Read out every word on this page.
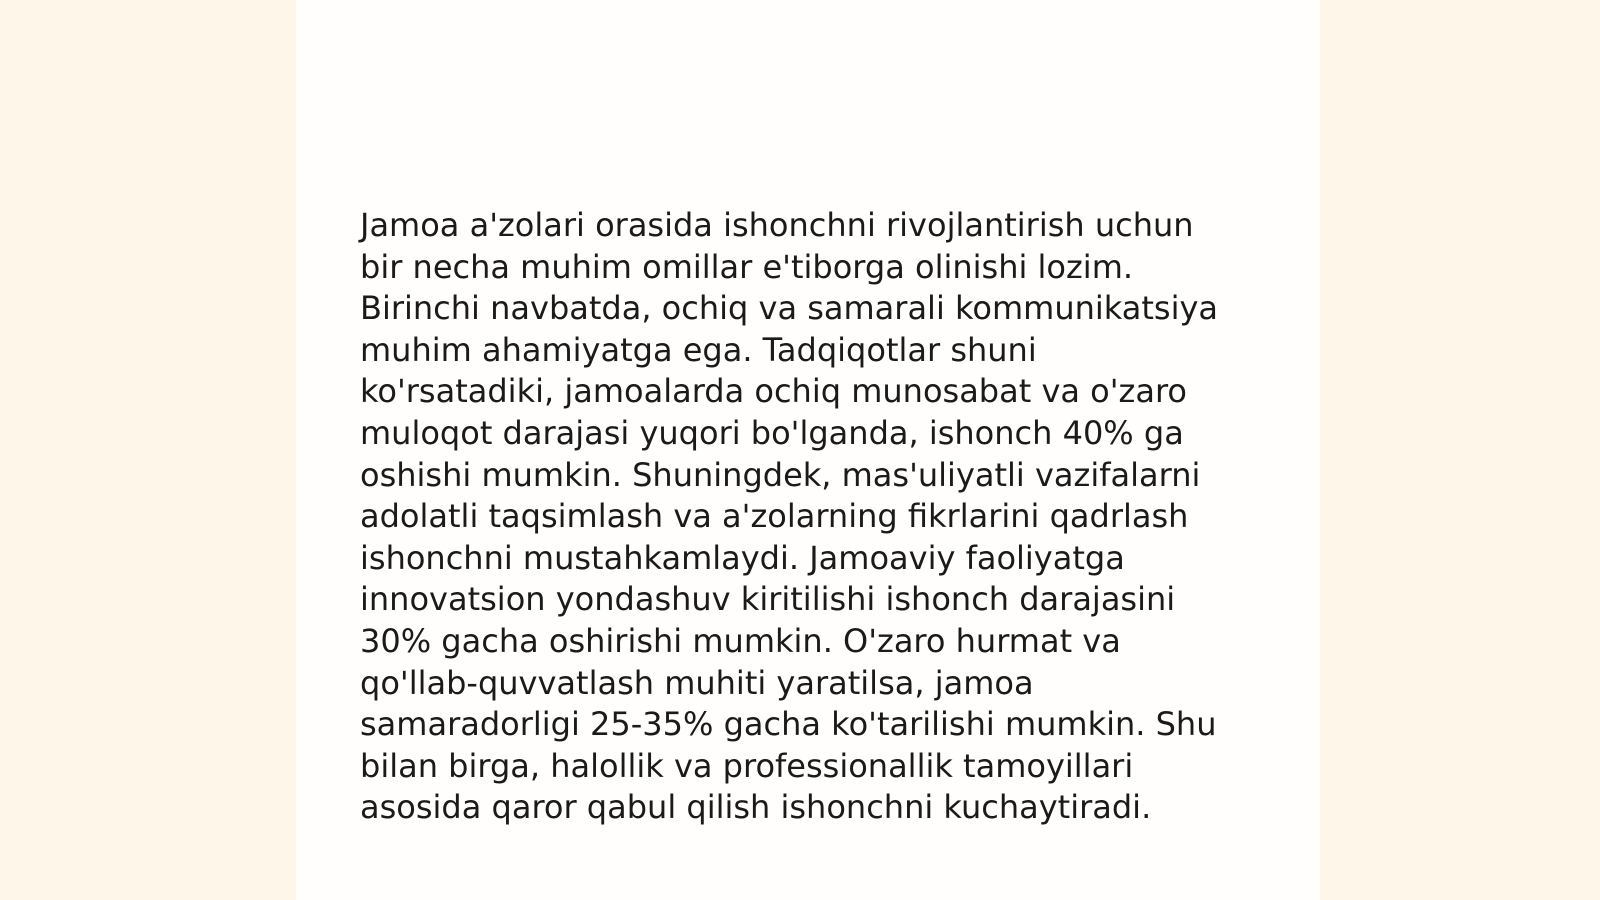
Jamoa a'zolari orasida ishonchni rivojlantirish uchun
bir necha muhim omillar e'tiborga olinishi lozim.
Birinchi navbatda, ochiq va samarali kommunikatsiya
muhim ahamiyatga ega. Tadqiqotlar shuni
ko'rsatadiki, jamoalarda ochiq munosabat va o'zaro
muloqot darajasi yuqori bo'lganda, ishonch 40% ga
oshishi mumkin. Shuningdek, mas'uliyatli vazifalarni
adolatli taqsimlash va a'zolarning fikrlarini qadrlash
ishonchni mustahkamlaydi. Jamoaviy faoliyatga
innovatsion yondashuv kiritilishi ishonch darajasini
30% gacha oshirishi mumkin. O'zaro hurmat va
qo'llab-quvvatlash muhiti yaratilsa, jamoa
samaradorligi 25-35% gacha ko'tarilishi mumkin. Shu
bilan birga, halollik va professionallik tamoyillari
asosida qaror qabul qilish ishonchni kuchaytiradi.
